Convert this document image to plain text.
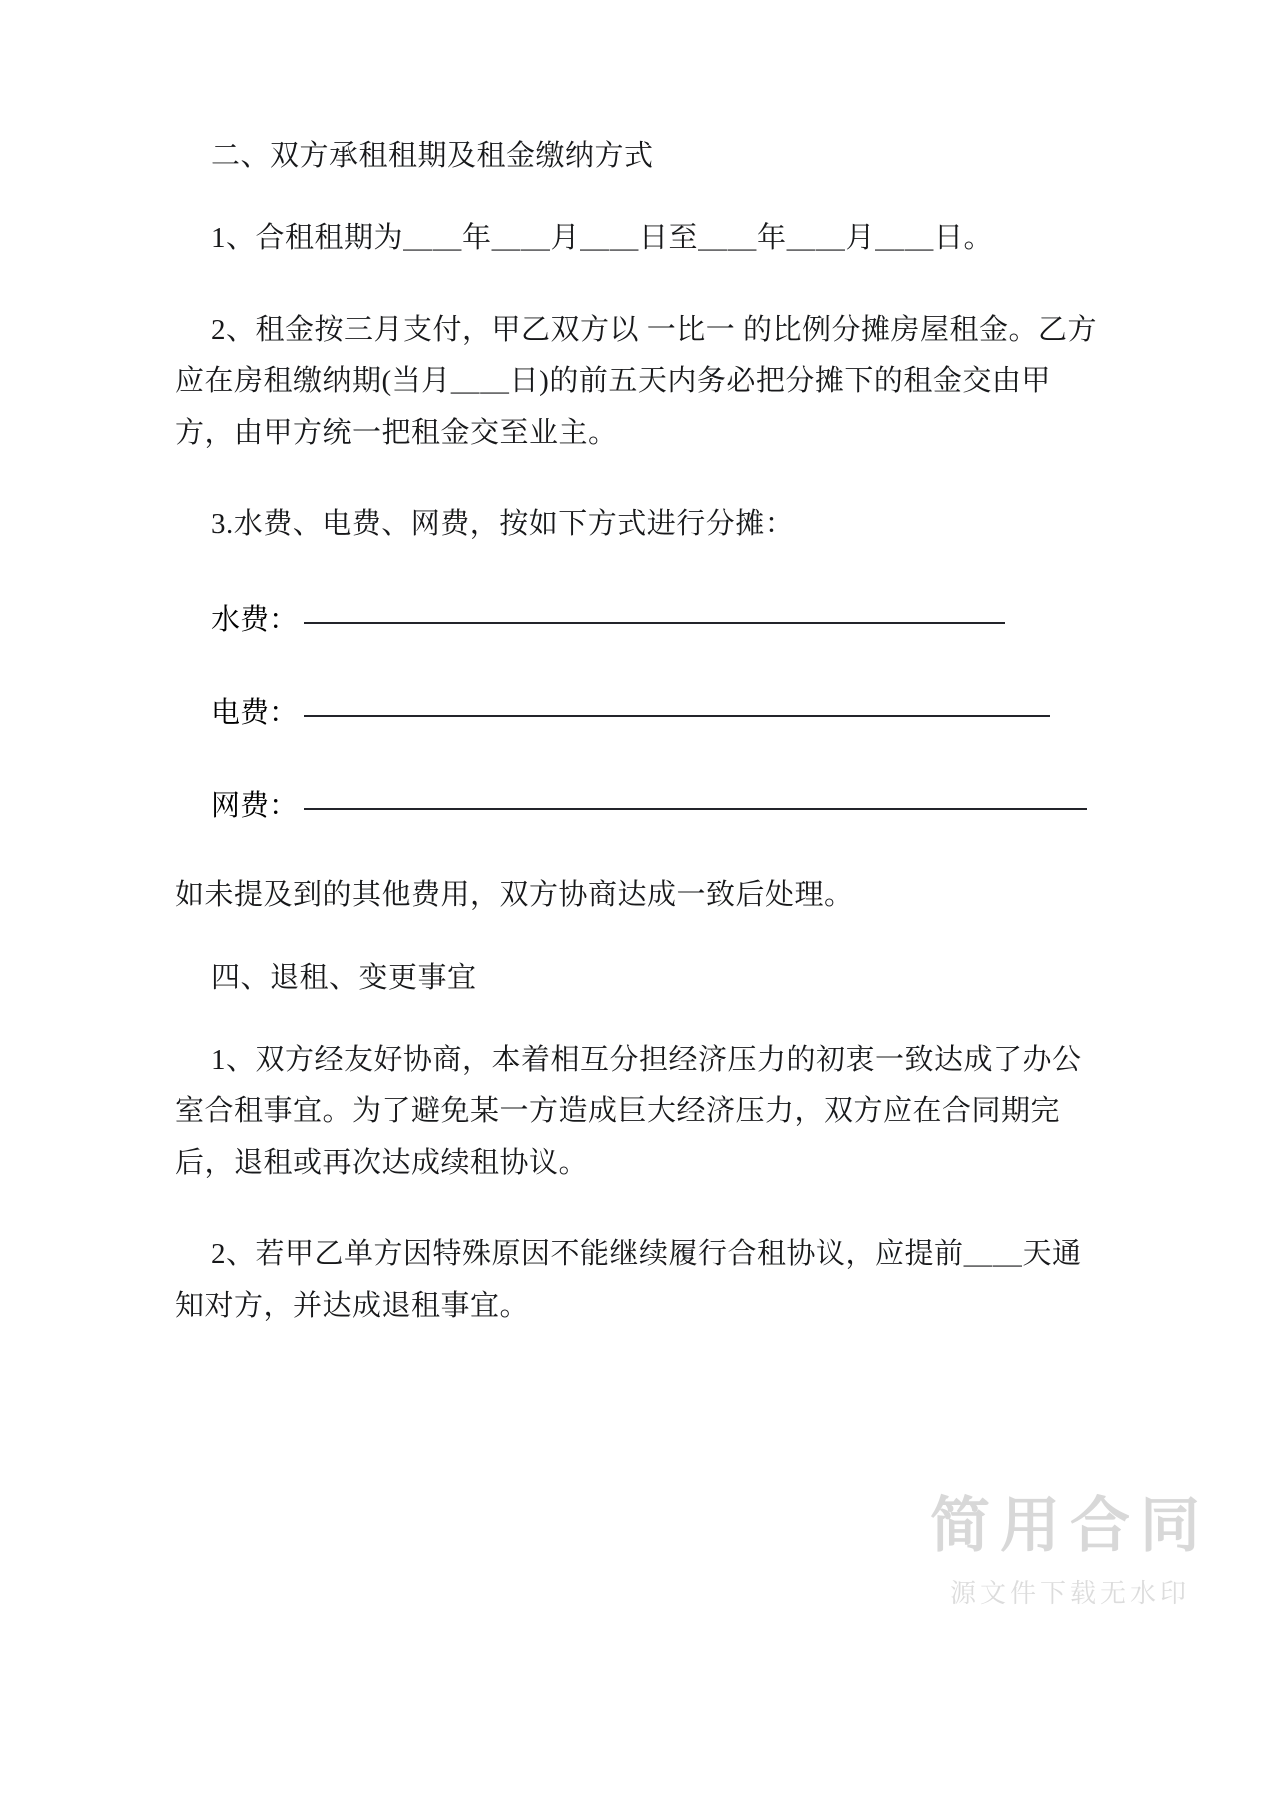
二、双方承租租期及租金缴纳方式

1、合租租期为＿＿年＿＿月＿＿日至＿＿年＿＿月＿＿日。

2、租金按三月支付，甲乙双方以 一比一 的比例分摊房屋租金。乙方应在房租缴纳期(当月＿＿日)的前五天内务必把分摊下的租金交由甲方，由甲方统一把租金交至业主。

3.水费、电费、网费，按如下方式进行分摊：

水费：
电费：
网费：

如未提及到的其他费用，双方协商达成一致后处理。

四、退租、变更事宜

1、双方经友好协商，本着相互分担经济压力的初衷一致达成了办公室合租事宜。为了避免某一方造成巨大经济压力，双方应在合同期完后，退租或再次达成续租协议。

2、若甲乙单方因特殊原因不能继续履行合租协议，应提前＿＿天通知对方，并达成退租事宜。

简用合同
源文件下载无水印
